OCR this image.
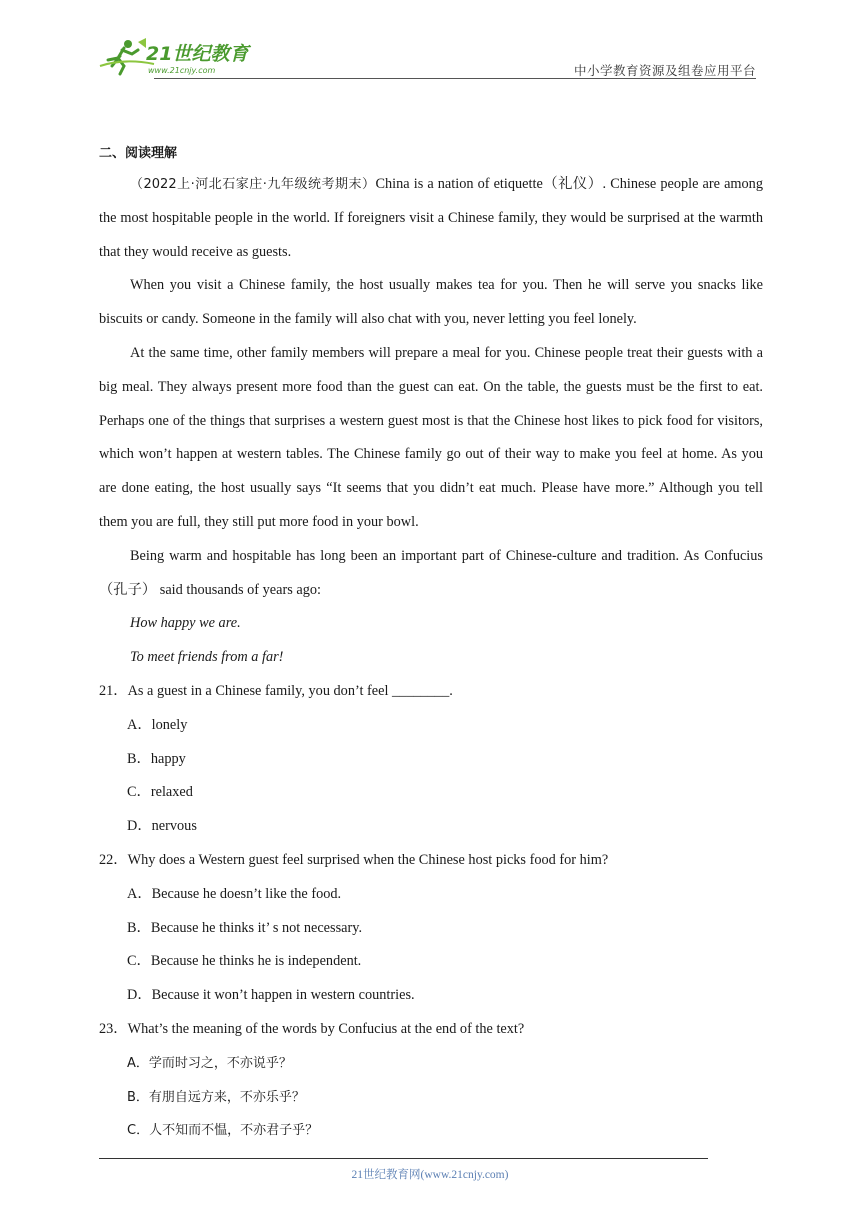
21世纪教育
www.21cnjy.com	中小学教育资源及组卷应用平台

二、阅读理解

（2022上·河北石家庄·九年级统考期末）China is a nation of etiquette（礼仪）. Chinese people are among the most hospitable people in the world. If foreigners visit a Chinese family, they would be surprised at the warmth that they would receive as guests.

When you visit a Chinese family, the host usually makes tea for you. Then he will serve you snacks like biscuits or candy. Someone in the family will also chat with you, never letting you feel lonely.

At the same time, other family members will prepare a meal for you. Chinese people treat their guests with a big meal. They always present more food than the guest can eat. On the table, the guests must be the first to eat. Perhaps one of the things that surprises a western guest most is that the Chinese host likes to pick food for visitors, which won’t happen at western tables. The Chinese family go out of their way to make you feel at home. As you are done eating, the host usually says “It seems that you didn’t eat much. Please have more.” Although you tell them you are full, they still put more food in your bowl.

Being warm and hospitable has long been an important part of Chinese-culture and tradition. As Confucius （孔子） said thousands of years ago:

How happy we are.

To meet friends from a far!

21．As a guest in a Chinese family, you don’t feel ________.

A．lonely

B．happy

C．relaxed

D．nervous

22．Why does a Western guest feel surprised when the Chinese host picks food for him?

A．Because he doesn’t like the food.

B．Because he thinks it’ s not necessary.

C．Because he thinks he is independent.

D．Because it won’t happen in western countries.

23．What’s the meaning of the words by Confucius at the end of the text?

A．学而时习之，不亦说乎？

B．有朋自远方来，不亦乐乎？

C．人不知而不愠，不亦君子乎？

21世纪教育网(www.21cnjy.com)
